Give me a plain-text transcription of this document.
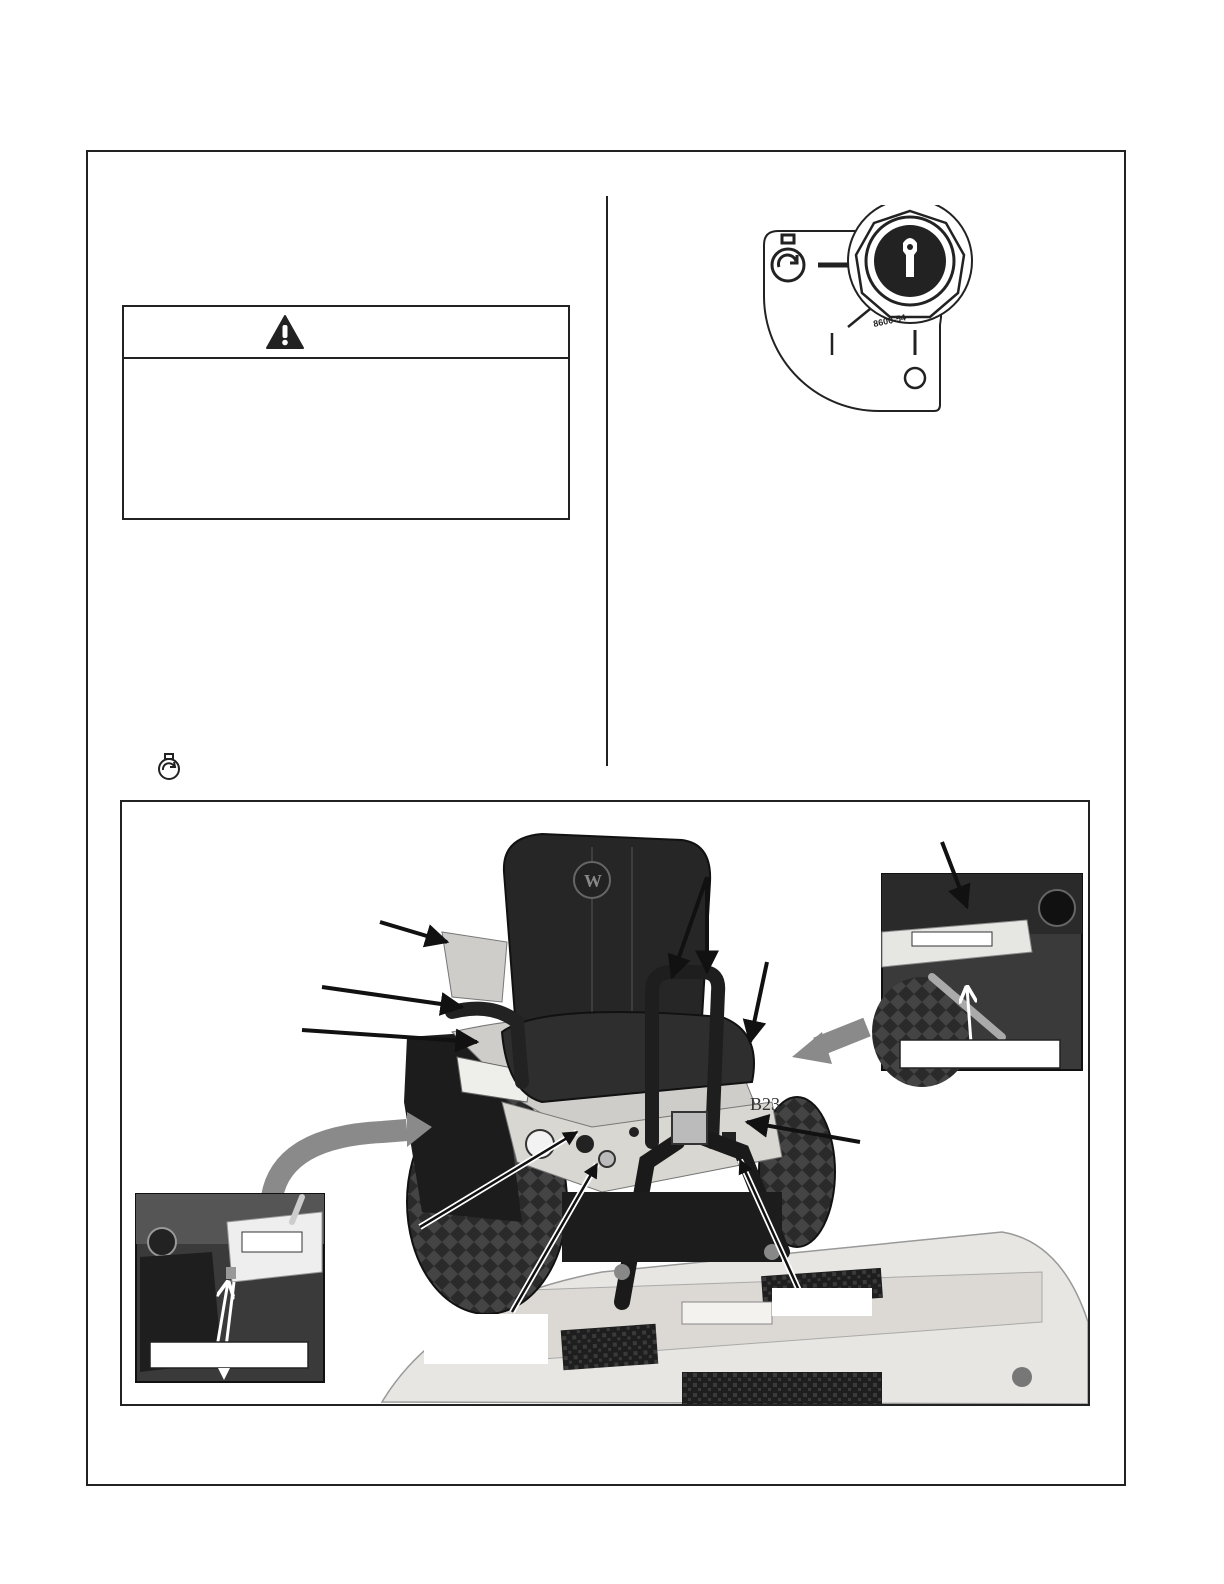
8600-54
B23
W
